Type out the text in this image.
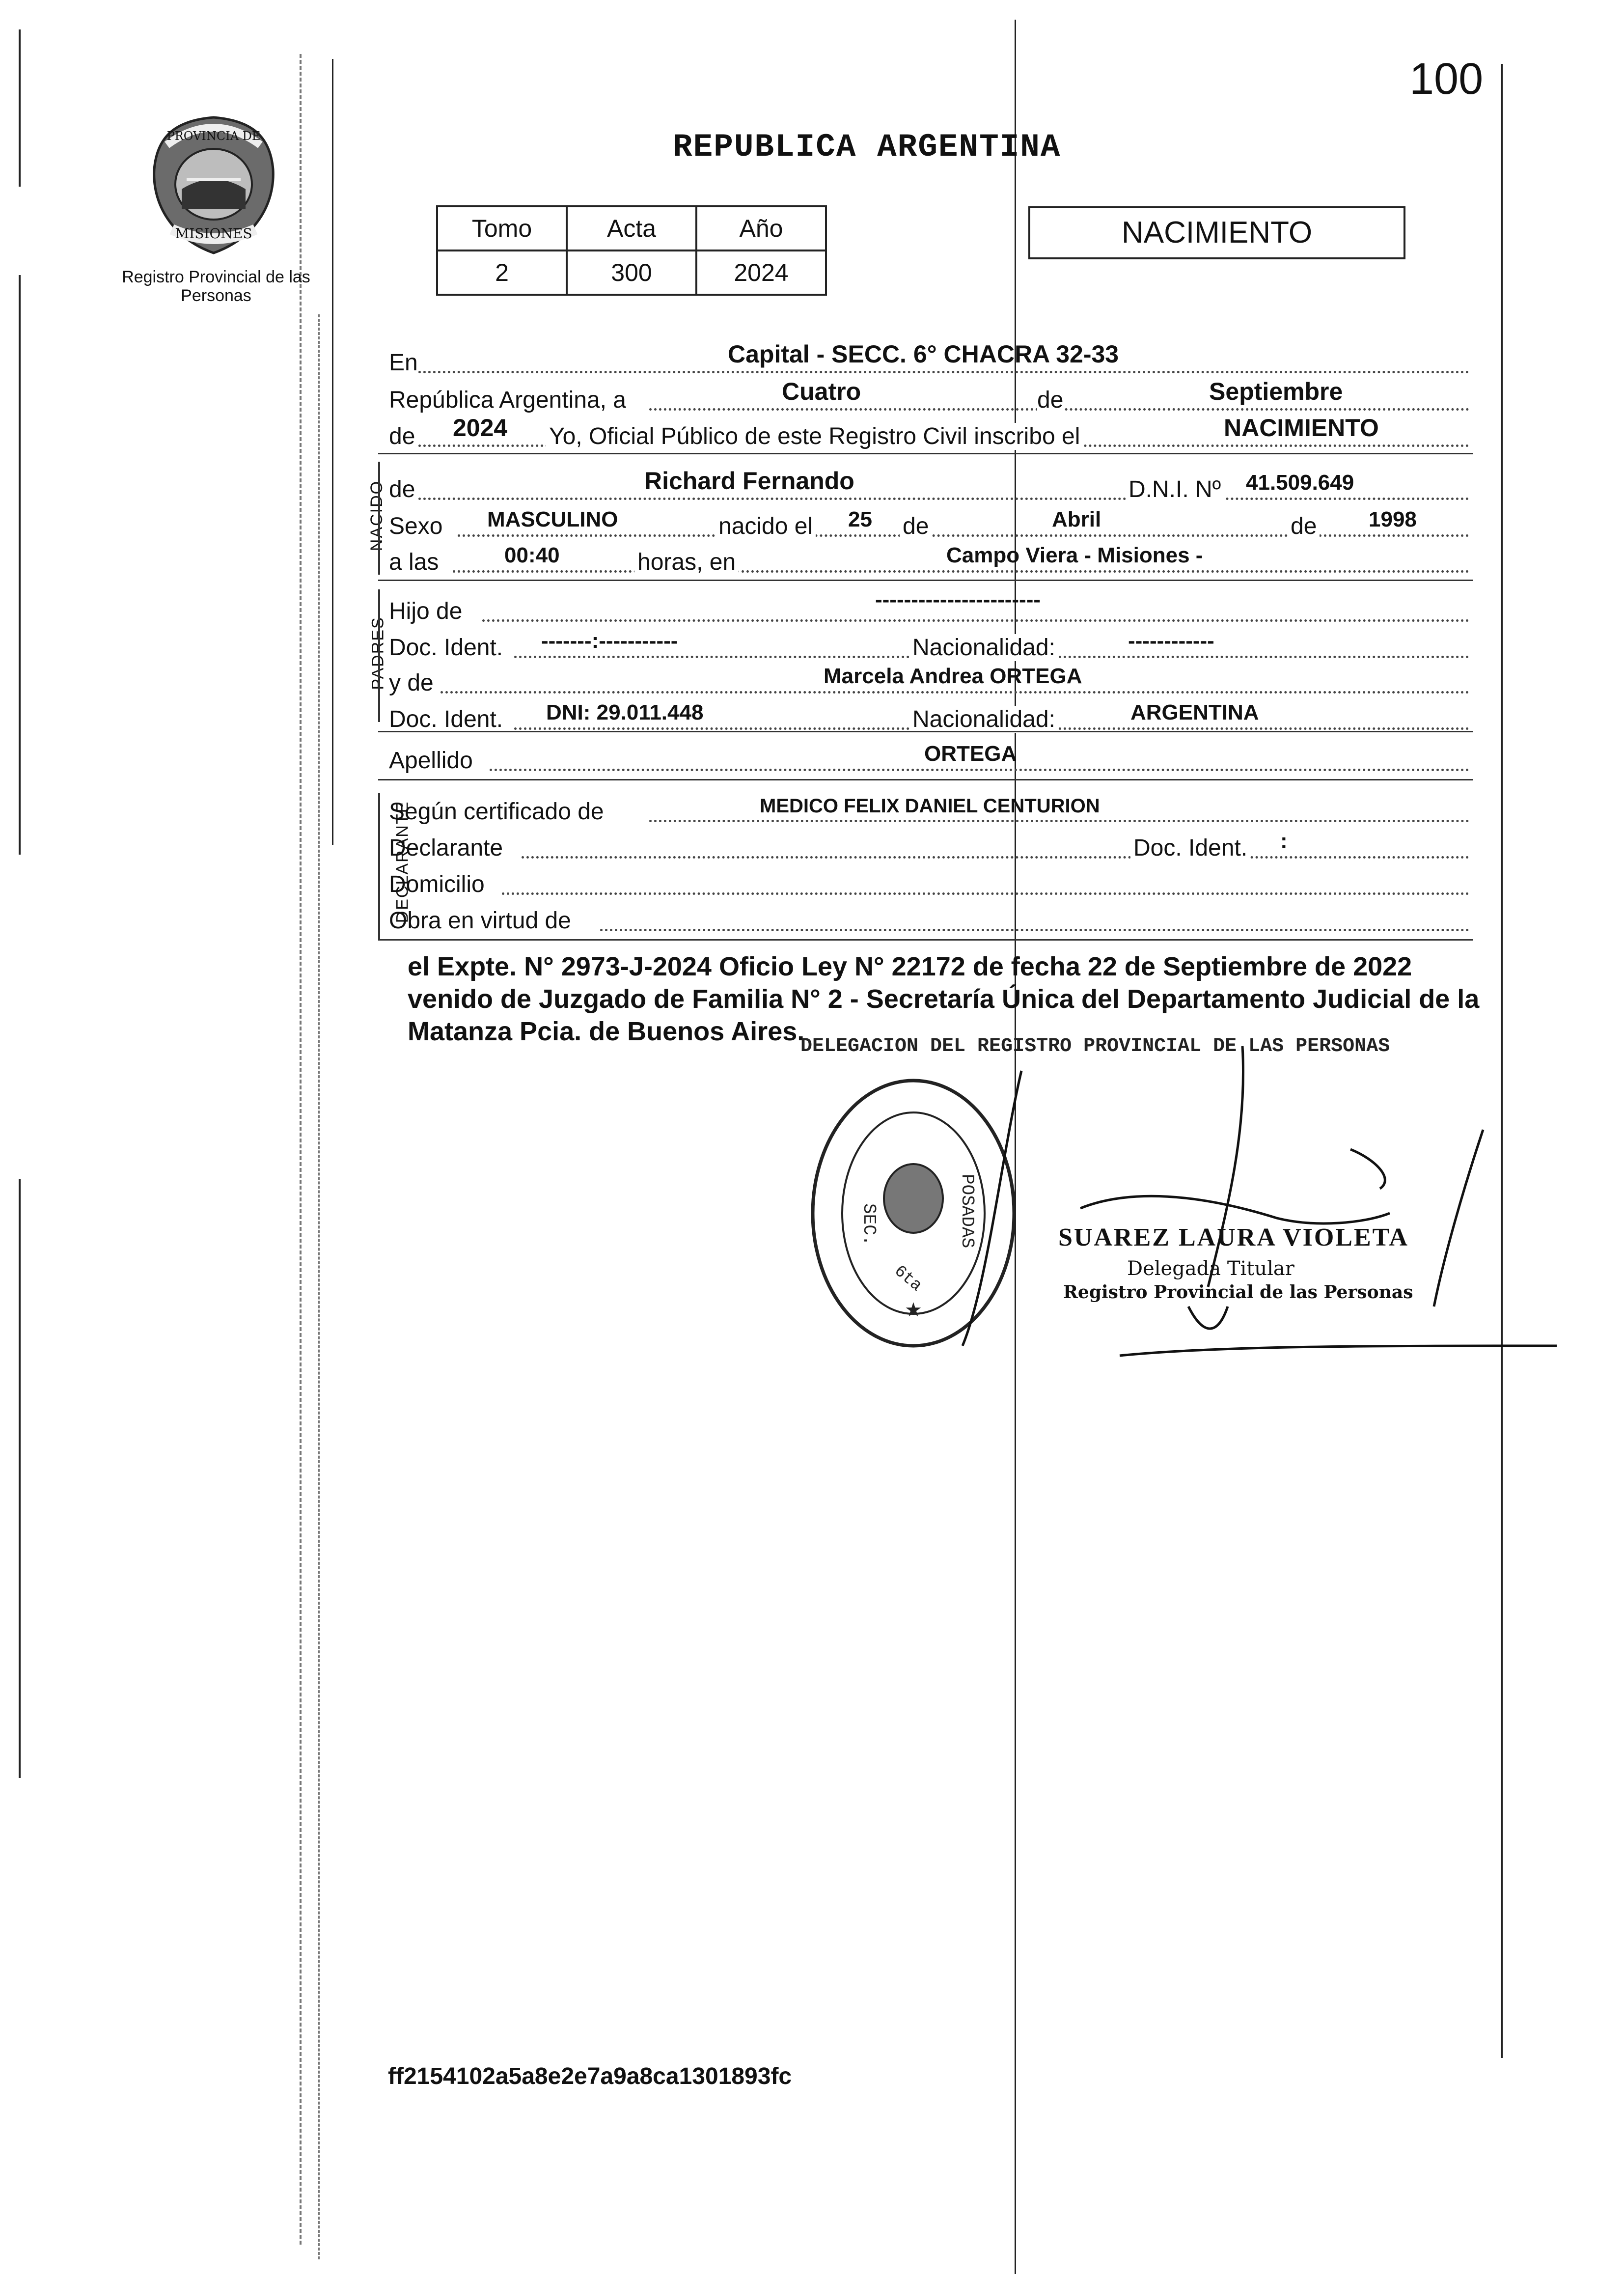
100
PROVINCIA DE
MISIONES
Registro Provincial de las Personas
REPUBLICA ARGENTINA
Tomo	Acta	Año
2	300	2024
NACIMIENTO
En	Capital - SECC. 6° CHACRA 32-33
República Argentina, a	Cuatro	de	Septiembre
de 2024 Yo, Oficial Público de este Registro Civil inscribo el	NACIMIENTO
NACIDO de	Richard Fernando	D.N.I. Nº 41.509.649
Sexo MASCULINO	nacido el 25 de	Abril	de 1998
a las	00:40	horas, en	Campo Viera - Misiones -
PADRES
Hijo de	-----------------------
Doc. Ident. -------:-----------	Nacionalidad:	------------
y de	Marcela Andrea ORTEGA
Doc. Ident. DNI: 29.011.448	Nacionalidad:	ARGENTINA
Apellido	ORTEGA
DECLARANTE
Según certificado de	MEDICO FELIX DANIEL CENTURION
Declarante	Doc. Ident. :
Domicilio
Obra en virtud de
el Expte. N° 2973-J-2024 Oficio Ley N° 22172 de fecha 22 de Septiembre de 2022 venido de Juzgado de Familia N° 2 - Secretaría Única del Departamento Judicial de la Matanza Pcia. de Buenos Aires.
DELEGACION DEL REGISTRO PROVINCIAL DE LAS PERSONAS
SEC.	POSADAS
6ta
★
SUAREZ LAURA VIOLETA
Delegada Titular
Registro Provincial de las Personas
ff2154102a5a8e2e7a9a8ca1301893fc
